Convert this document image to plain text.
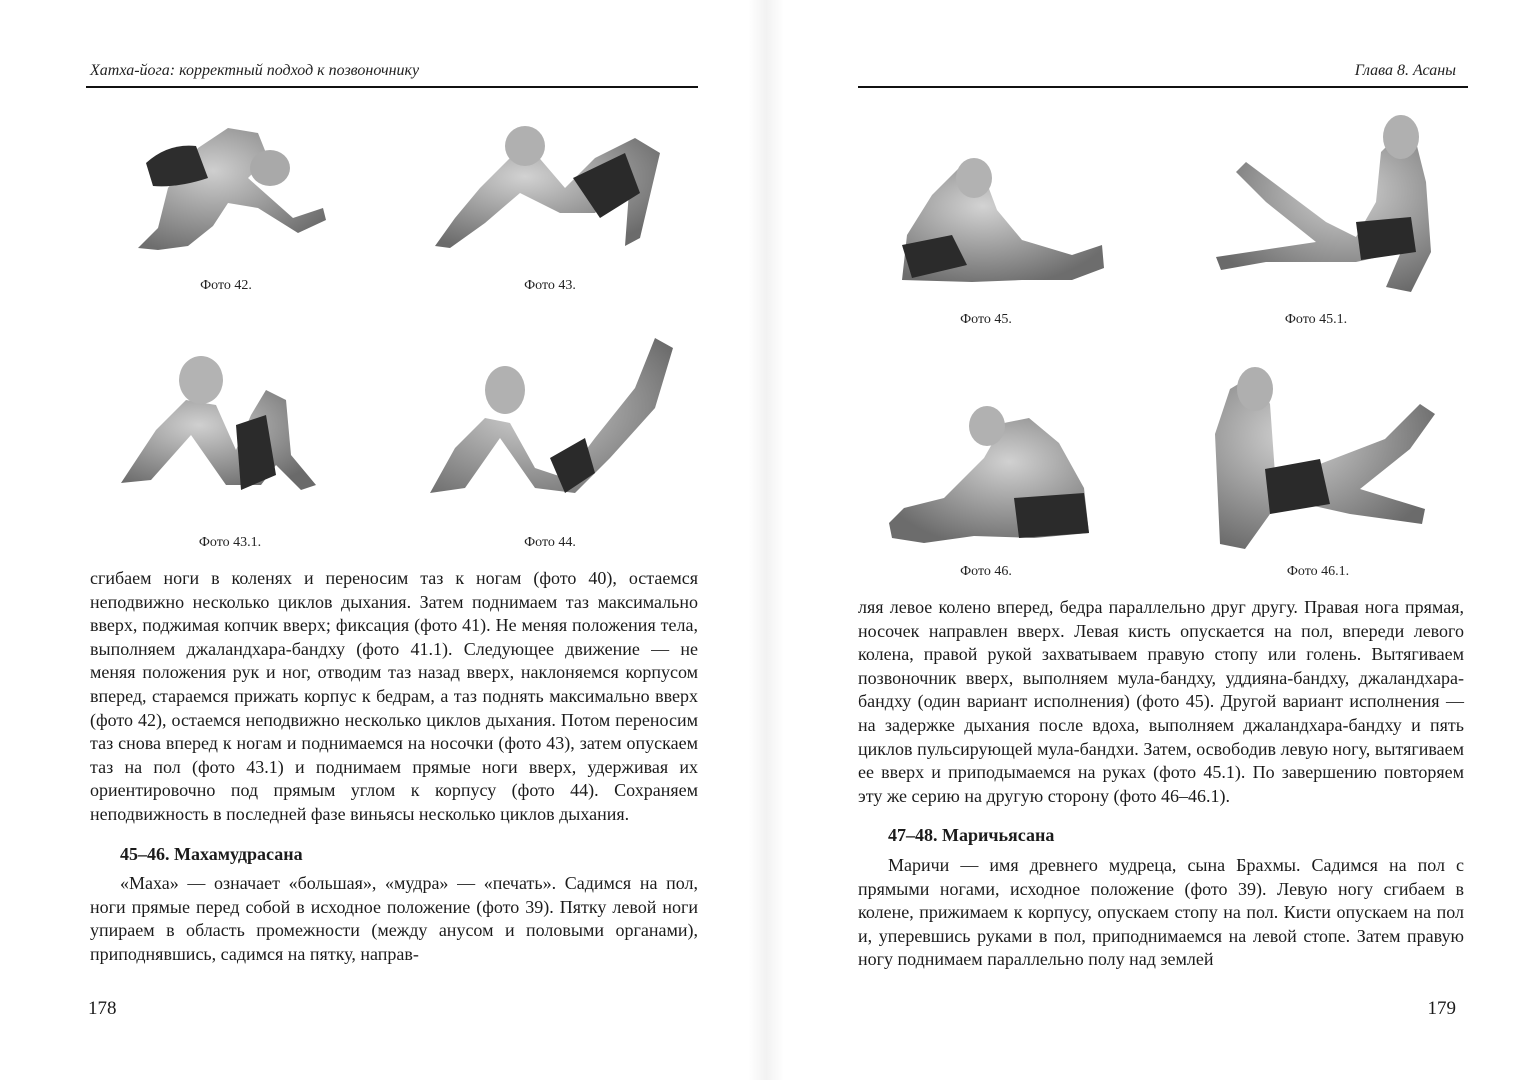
Хатха-йога: корректный подход к позвоночнику
Фото 42.	Фото 43.
Фото 43.1.	Фото 44.

сгибаем ноги в коленях и переносим таз к ногам (фото 40), остаемся неподвижно несколько циклов дыхания. Затем поднимаем таз максимально вверх, поджимая копчик вверх; фиксация (фото 41). Не меняя положения тела, выполняем джаландхара-бандху (фото 41.1). Следующее движение — не меняя положения рук и ног, отводим таз назад вверх, наклоняемся корпусом вперед, стараемся прижать корпус к бедрам, а таз поднять максимально вверх (фото 42), остаемся неподвижно несколько циклов дыхания. Потом переносим таз снова вперед к ногам и поднимаемся на носочки (фото 43), затем опускаем таз на пол (фото 43.1) и поднимаем прямые ноги вверх, удерживая их ориентировочно под прямым углом к корпусу (фото 44). Сохраняем неподвижность в последней фазе виньясы несколько циклов дыхания.

45–46. Махамудрасана

«Маха» — означает «большая», «мудра» — «печать». Садимся на пол, ноги прямые перед собой в исходное положение (фото 39). Пятку левой ноги упираем в область промежности (между анусом и половыми органами), приподнявшись, садимся на пятку, направ-

178
Глава 8. Асаны
Фото 45.	Фото 45.1.
Фото 46.	Фото 46.1.

ляя левое колено вперед, бедра параллельно друг другу. Правая нога прямая, носочек направлен вверх. Левая кисть опускается на пол, впереди левого колена, правой рукой захватываем правую стопу или голень. Вытягиваем позвоночник вверх, выполняем мула-бандху, уддияна-бандху, джаландхара-бандху (один вариант исполнения) (фото 45). Другой вариант исполнения — на задержке дыхания после вдоха, выполняем джаландхара-бандху и пять циклов пульсирующей мула-бандхи. Затем, освободив левую ногу, вытягиваем ее вверх и приподымаемся на руках (фото 45.1). По завершению повторяем эту же серию на другую сторону (фото 46–46.1).

47–48. Маричьясана

Маричи — имя древнего мудреца, сына Брахмы. Садимся на пол с прямыми ногами, исходное положение (фото 39). Левую ногу сгибаем в колене, прижимаем к корпусу, опускаем стопу на пол. Кисти опускаем на пол и, уперевшись руками в пол, приподнимаемся на левой стопе. Затем правую ногу поднимаем параллельно полу над землей

179
